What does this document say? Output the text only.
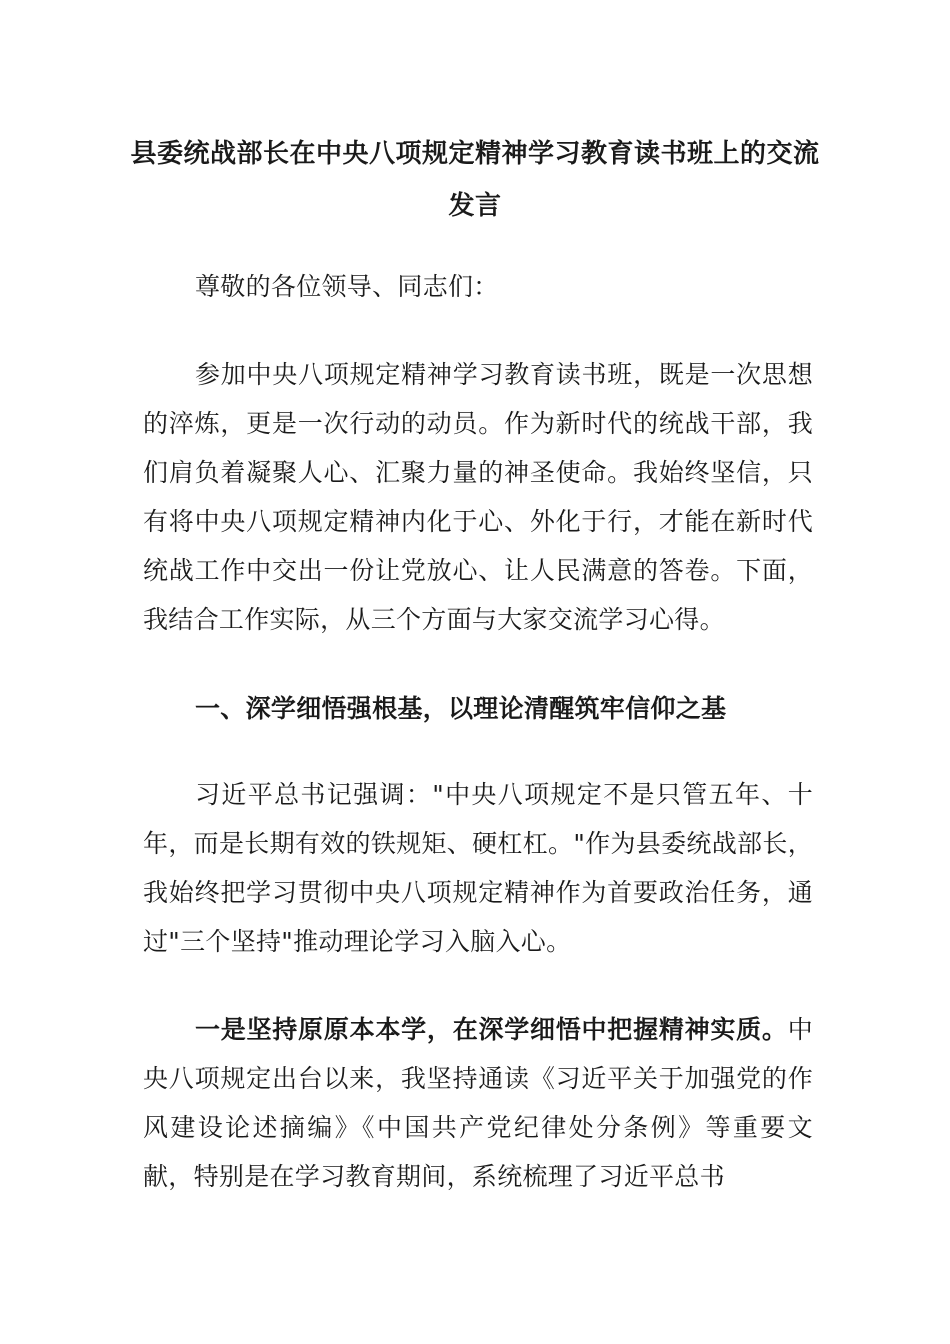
县委统战部长在中央八项规定精神学习教育读书班上的交流发言

尊敬的各位领导、同志们：

参加中央八项规定精神学习教育读书班，既是一次思想的淬炼，更是一次行动的动员。作为新时代的统战干部，我们肩负着凝聚人心、汇聚力量的神圣使命。我始终坚信，只有将中央八项规定精神内化于心、外化于行，才能在新时代统战工作中交出一份让党放心、让人民满意的答卷。下面，我结合工作实际，从三个方面与大家交流学习心得。

一、深学细悟强根基，以理论清醒筑牢信仰之基

习近平总书记强调："中央八项规定不是只管五年、十年，而是长期有效的铁规矩、硬杠杠。"作为县委统战部长，我始终把学习贯彻中央八项规定精神作为首要政治任务，通过"三个坚持"推动理论学习入脑入心。

一是坚持原原本本学，在深学细悟中把握精神实质。中央八项规定出台以来，我坚持通读《习近平关于加强党的作风建设论述摘编》《中国共产党纪律处分条例》等重要文献，特别是在学习教育期间，系统梳理了习近平总书
